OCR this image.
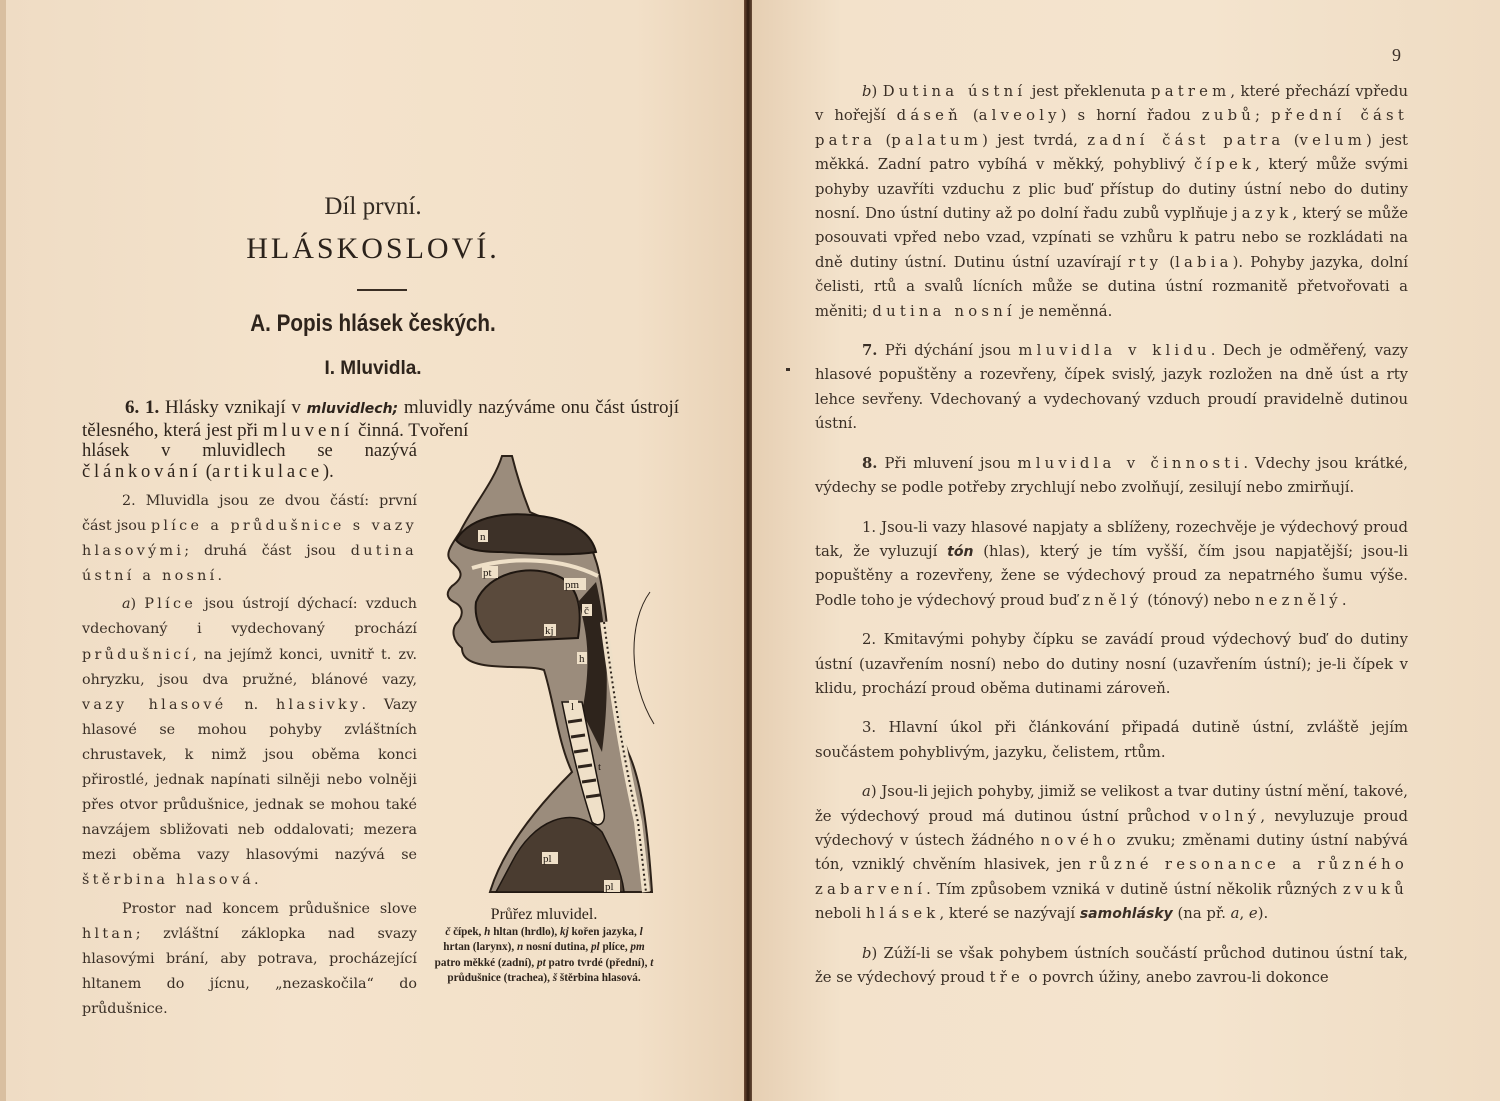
Díl první.
HLÁSKOSLOVÍ.
A. Popis hlásek českých.
I. Mluvidla.

6. 1. Hlásky vznikají v mluvidlech; mluvidly nazýváme onu část ústrojí tělesného, která jest při mluvení činná. Tvoření

hlásek v mluvidlech se nazývá článkování (artikulace).

2. Mluvidla jsou ze dvou částí: první část jsou plíce a průdušnice s vazy hlasovými; druhá část jsou dutina ústní a nosní.

a) Plíce jsou ústrojí dýchací: vzduch vdechovaný i vydechovaný prochází průdušnicí, na jejímž konci, uvnitř t. zv. ohryzku, jsou dva pružné, blánové vazy, vazy hlasové n. hlasivky. Vazy hlasové se mohou pohyby zvláštních chrustavek, k nimž jsou oběma konci přirostlé, jednak napínati silněji nebo volněji přes otvor průdušnice, jednak se mohou také navzájem sbližovati neb oddalovati; mezera mezi oběma vazy hlasovými nazývá se štěrbina hlasová.

Prostor nad koncem průdušnice slove hltan; zvláštní záklopka nad svazy hlasovými brání, aby potrava, procházející hltanem do jícnu, „nezaskočila“ do průdušnice.

n
pt
pm
č
kj
h
l
t
pl
pl
Průřez mluvidel.
č čípek, h hltan (hrdlo), kj kořen jazyka, l hrtan (larynx), n nosní dutina, pl plíce, pm patro měkké (zadní), pt patro tvrdé (přední), t průdušnice (trachea), š štěrbina hlasová.
9

b) Dutina ústní jest překlenuta patrem, které přechází vpředu v hořejší dáseň (alveoly) s horní řadou zubů; přední část patra (palatum) jest tvrdá, zadní část patra (velum) jest měkká. Zadní patro vybíhá v měkký, pohyblivý čípek, který může svými pohyby uzavříti vzduchu z plic buď přístup do dutiny ústní nebo do dutiny nosní. Dno ústní dutiny až po dolní řadu zubů vyplňuje jazyk, který se může posouvati vpřed nebo vzad, vzpínati se vzhůru k patru nebo se rozkládati na dně dutiny ústní. Dutinu ústní uzavírají rty (labia). Pohyby jazyka, dolní čelisti, rtů a svalů lícních může se dutina ústní rozmanitě přetvořovati a měniti; dutina nosní je neměnná.

7. Při dýchání jsou mluvidla v klidu. Dech je odměřený, vazy hlasové popuštěny a rozevřeny, čípek svislý, jazyk rozložen na dně úst a rty lehce sevřeny. Vdechovaný a vydechovaný vzduch proudí pravidelně dutinou ústní.

8. Při mluvení jsou mluvidla v činnosti. Vdechy jsou krátké, výdechy se podle potřeby zrychlují nebo zvolňují, zesilují nebo zmirňují.

1. Jsou-li vazy hlasové napjaty a sblíženy, rozechvěje je výdechový proud tak, že vyluzují tón (hlas), který je tím vyšší, čím jsou napjatější; jsou-li popuštěny a rozevřeny, žene se výdechový proud za nepatrného šumu výše. Podle toho je výdechový proud buď znělý (tónový) nebo neznělý.

2. Kmitavými pohyby čípku se zavádí proud výdechový buď do dutiny ústní (uzavřením nosní) nebo do dutiny nosní (uzavřením ústní); je-li čípek v klidu, prochází proud oběma dutinami zároveň.

3. Hlavní úkol při článkování připadá dutině ústní, zvláště jejím součástem pohyblivým, jazyku, čelistem, rtům.

a) Jsou-li jejich pohyby, jimiž se velikost a tvar dutiny ústní mění, takové, že výdechový proud má dutinou ústní průchod volný, nevyluzuje proud výdechový v ústech žádného nového zvuku; změnami dutiny ústní nabývá tón, vzniklý chvěním hlasivek, jen různé resonance a různého zabarvení. Tím způsobem vzniká v dutině ústní několik různých zvuků neboli hlásek, které se nazývají samohlásky (na př. a, e).

b) Zúží-li se však pohybem ústních součástí průchod dutinou ústní tak, že se výdechový proud tře o povrch úžiny, anebo zavrou-li dokonce
